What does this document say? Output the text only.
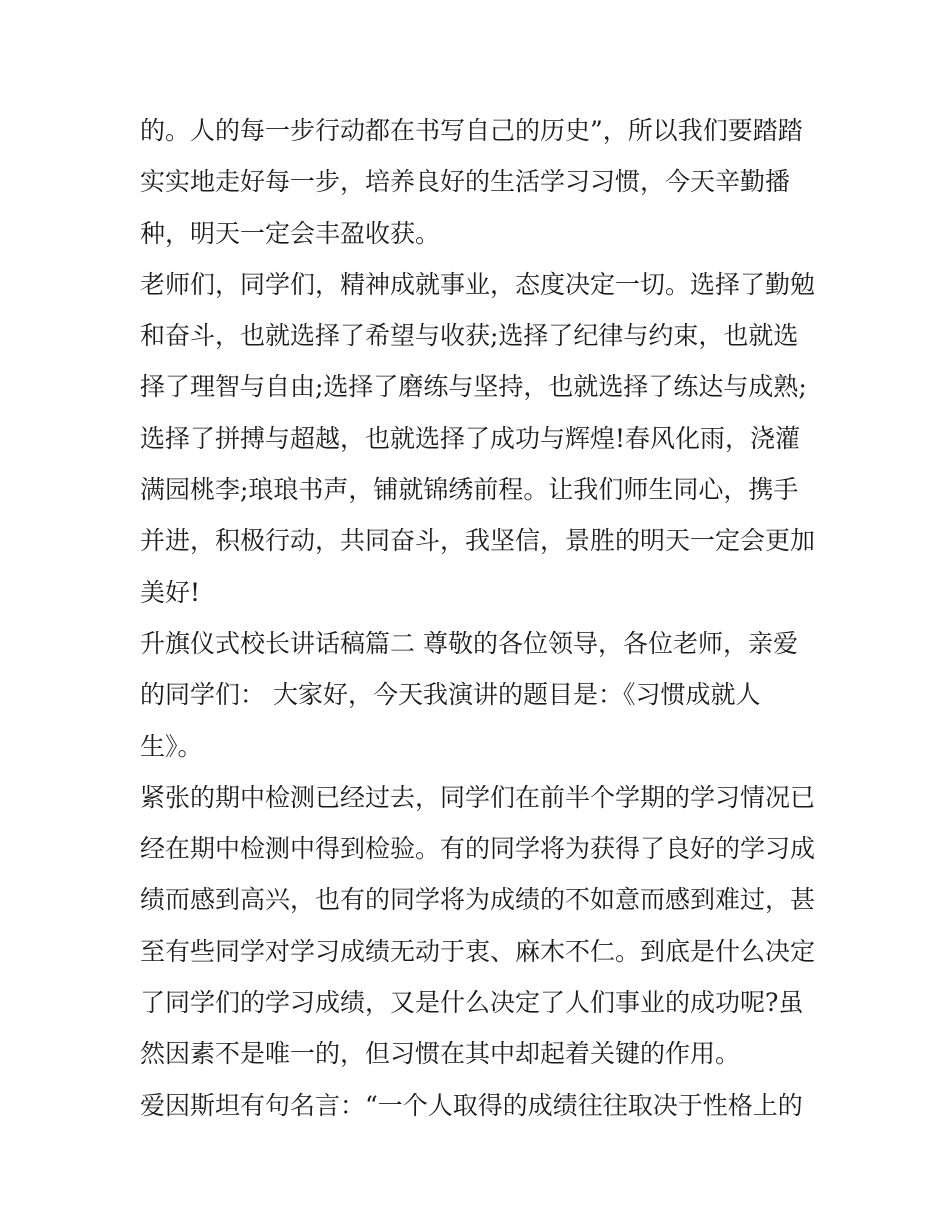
的。人的每一步行动都在书写自己的历史”，所以我们要踏踏
实实地走好每一步，培养良好的生活学习习惯，今天辛勤播
种，明天一定会丰盈收获。
老师们，同学们，精神成就事业，态度决定一切。选择了勤勉
和奋斗，也就选择了希望与收获;选择了纪律与约束，也就选
择了理智与自由;选择了磨练与坚持，也就选择了练达与成熟;
选择了拼搏与超越，也就选择了成功与辉煌!春风化雨，浇灌
满园桃李;琅琅书声，铺就锦绣前程。让我们师生同心，携手
并进，积极行动，共同奋斗，我坚信，景胜的明天一定会更加
美好!
升旗仪式校长讲话稿篇二 尊敬的各位领导，各位老师，亲爱
的同学们： 大家好，今天我演讲的题目是：《习惯成就人
生》。
紧张的期中检测已经过去，同学们在前半个学期的学习情况已
经在期中检测中得到检验。有的同学将为获得了良好的学习成
绩而感到高兴，也有的同学将为成绩的不如意而感到难过，甚
至有些同学对学习成绩无动于衷、麻木不仁。到底是什么决定
了同学们的学习成绩，又是什么决定了人们事业的成功呢?虽
然因素不是唯一的，但习惯在其中却起着关键的作用。
爱因斯坦有句名言：“一个人取得的成绩往往取决于性格上的
